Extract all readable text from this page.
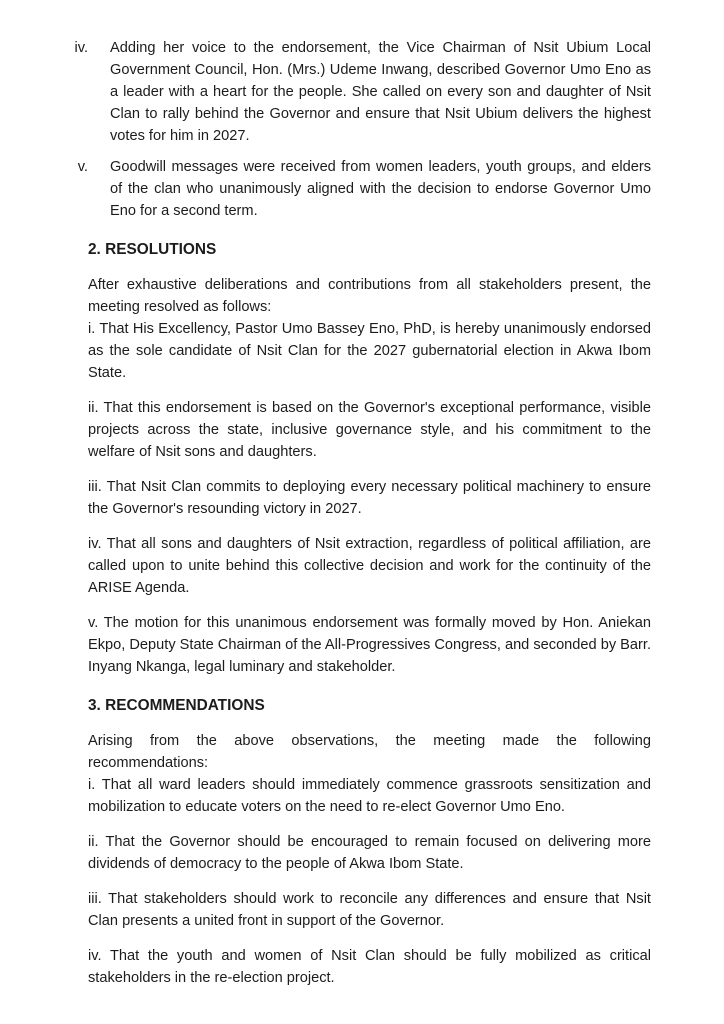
iv. Adding her voice to the endorsement, the Vice Chairman of Nsit Ubium Local Government Council, Hon. (Mrs.) Udeme Inwang, described Governor Umo Eno as a leader with a heart for the people. She called on every son and daughter of Nsit Clan to rally behind the Governor and ensure that Nsit Ubium delivers the highest votes for him in 2027.
v. Goodwill messages were received from women leaders, youth groups, and elders of the clan who unanimously aligned with the decision to endorse Governor Umo Eno for a second term.
2. RESOLUTIONS

After exhaustive deliberations and contributions from all stakeholders present, the meeting resolved as follows:

i. That His Excellency, Pastor Umo Bassey Eno, PhD, is hereby unanimously endorsed as the sole candidate of Nsit Clan for the 2027 gubernatorial election in Akwa Ibom State.

ii. That this endorsement is based on the Governor's exceptional performance, visible projects across the state, inclusive governance style, and his commitment to the welfare of Nsit sons and daughters.

iii. That Nsit Clan commits to deploying every necessary political machinery to ensure the Governor's resounding victory in 2027.

iv. That all sons and daughters of Nsit extraction, regardless of political affiliation, are called upon to unite behind this collective decision and work for the continuity of the ARISE Agenda.

v. The motion for this unanimous endorsement was formally moved by Hon. Aniekan Ekpo, Deputy State Chairman of the All-Progressives Congress, and seconded by Barr. Inyang Nkanga, legal luminary and stakeholder.

3. RECOMMENDATIONS

Arising from the above observations, the meeting made the following recommendations:

i. That all ward leaders should immediately commence grassroots sensitization and mobilization to educate voters on the need to re-elect Governor Umo Eno.

ii. That the Governor should be encouraged to remain focused on delivering more dividends of democracy to the people of Akwa Ibom State.

iii. That stakeholders should work to reconcile any differences and ensure that Nsit Clan presents a united front in support of the Governor.

iv. That the youth and women of Nsit Clan should be fully mobilized as critical stakeholders in the re-election project.
